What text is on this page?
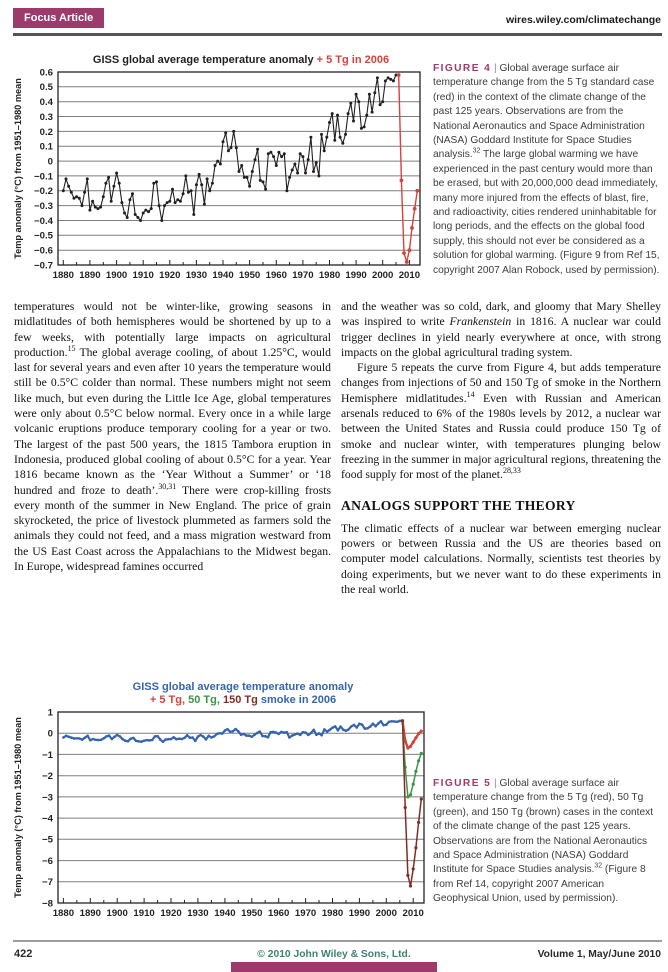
Focus Article	wires.wiley.com/climatechange
GISS global average temperature anomaly + 5 Tg in 2006
0.6
0.5
0.4
0.3
0.2
0.1
0
−0.1
−0.2
−0.3
−0.4
−0.5
−0.6
−0.7
1880 1890 1900 1910 1920 1930 1940 1950 1960 1970 1980 1990 2000 2010
Temp anomaly (°C) from 1951–1980 mean
FIGURE 4 | Global average surface air temperature change from the 5 Tg standard case (red) in the context of the climate change of the past 125 years. Observations are from the National Aeronautics and Space Administration (NASA) Goddard Institute for Space Studies analysis.$^{32}$ The large global warming we have experienced in the past century would more than be erased, but with 20,000,000 dead immediately, many more injured from the effects of blast, fire, and radioactivity, cities rendered uninhabitable for long periods, and the effects on the global food supply, this should not ever be considered as a solution for global warming. (Figure 9 from Ref 15, copyright 2007 Alan Robock, used by permission).

temperatures would not be winter-like, growing seasons in midlatitudes of both hemispheres would be shortened by up to a few weeks, with potentially large impacts on agricultural production.$^{15}$ The global average cooling, of about 1.25°C, would last for several years and even after 10 years the temperature would still be 0.5°C colder than normal. These numbers might not seem like much, but even during the Little Ice Age, global temperatures were only about 0.5°C below normal. Every once in a while large volcanic eruptions produce temporary cooling for a year or two. The largest of the past 500 years, the 1815 Tambora eruption in Indonesia, produced global cooling of about 0.5°C for a year. Year 1816 became known as the ‘Year Without a Summer’ or ‘18 hundred and froze to death’.$^{30,31}$ There were crop-killing frosts every month of the summer in New England. The price of grain skyrocketed, the price of livestock plummeted as farmers sold the animals they could not feed, and a mass migration westward from the US East Coast across the Appalachians to the Midwest began. In Europe, widespread famines occurred

and the weather was so cold, dark, and gloomy that Mary Shelley was inspired to write Frankenstein in 1816. A nuclear war could trigger declines in yield nearly everywhere at once, with strong impacts on the global agricultural trading system.

Figure 5 repeats the curve from Figure 4, but adds temperature changes from injections of 50 and 150 Tg of smoke in the Northern Hemisphere midlatitudes.$^{14}$ Even with Russian and American arsenals reduced to 6% of the 1980s levels by 2012, a nuclear war between the United States and Russia could produce 150 Tg of smoke and nuclear winter, with temperatures plunging below freezing in the summer in major agricultural regions, threatening the food supply for most of the planet.$^{28,33}$

ANALOGS SUPPORT THE THEORY

The climatic effects of a nuclear war between emerging nuclear powers or between Russia and the US are theories based on computer model calculations. Normally, scientists test theories by doing experiments, but we never want to do these experiments in the real world.

GISS global average temperature anomaly
+ 5 Tg, 50 Tg, 150 Tg smoke in 2006
1
0
−1
−2
−3
−4
−5
−6
−7
−8
1880 1890 1900 1910 1920 1930 1940 1950 1960 1970 1980 1990 2000 2010
Temp anomaly (°C) from 1951–1980 mean	FIGURE 5 | Global average surface air temperature change from the 5 Tg (red), 50 Tg (green), and 150 Tg (brown) cases in the context of the climate change of the past 125 years. Observations are from the National Aeronautics and Space Administration (NASA) Goddard Institute for Space Studies analysis.$^{32}$ (Figure 8 from Ref 14, copyright 2007 American Geophysical Union, used by permission).
422	© 2010 John Wiley & Sons, Ltd.	Volume 1, May/June 2010
